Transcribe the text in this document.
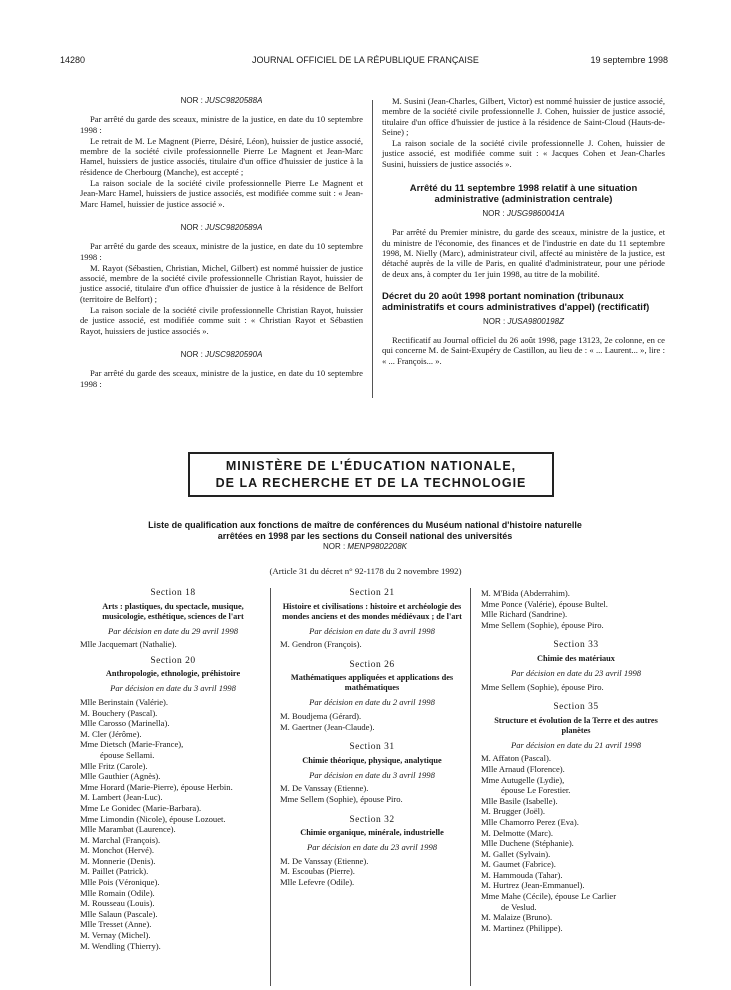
14280	JOURNAL OFFICIEL DE LA RÉPUBLIQUE FRANÇAISE	19 septembre 1998
NOR : JUSC9820588A

Par arrêté du garde des sceaux, ministre de la justice, en date du 10 septembre 1998 :

Le retrait de M. Le Magnent (Pierre, Désiré, Léon), huissier de justice associé, membre de la société civile professionnelle Pierre Le Magnent et Jean-Marc Hamel, huissiers de justice associés, titulaire d'un office d'huissier de justice à la résidence de Cherbourg (Manche), est accepté ;

La raison sociale de la société civile professionnelle Pierre Le Magnent et Jean-Marc Hamel, huissiers de justice associés, est modifiée comme suit : « Jean-Marc Hamel, huissier de justice associé ».

NOR : JUSC9820589A

Par arrêté du garde des sceaux, ministre de la justice, en date du 10 septembre 1998 :

M. Rayot (Sébastien, Christian, Michel, Gilbert) est nommé huissier de justice associé, membre de la société civile professionnelle Christian Rayot, huissier de justice associé, titulaire d'un office d'huissier de justice à la résidence de Belfort (territoire de Belfort) ;

La raison sociale de la société civile professionnelle Christian Rayot, huissier de justice associé, est modifiée comme suit : « Christian Rayot et Sébastien Rayot, huissiers de justice associés ».

NOR : JUSC9820590A

Par arrêté du garde des sceaux, ministre de la justice, en date du 10 septembre 1998 :

M. Susini (Jean-Charles, Gilbert, Victor) est nommé huissier de justice associé, membre de la société civile professionnelle J. Cohen, huissier de justice associé, titulaire d'un office d'huissier de justice à la résidence de Saint-Cloud (Hauts-de-Seine) ;

La raison sociale de la société civile professionnelle J. Cohen, huissier de justice associé, est modifiée comme suit : « Jacques Cohen et Jean-Charles Susini, huissiers de justice associés ».

Arrêté du 11 septembre 1998 relatif à une situation administrative (administration centrale)
NOR : JUSG9860041A

Par arrêté du Premier ministre, du garde des sceaux, ministre de la justice, et du ministre de l'économie, des finances et de l'industrie en date du 11 septembre 1998, M. Nielly (Marc), administrateur civil, affecté au ministère de la justice, est détaché auprès de la ville de Paris, en qualité d'administrateur, pour une période de deux ans, à compter du 1er juin 1998, au titre de la mobilité.

Décret du 20 août 1998 portant nomination (tribunaux administratifs et cours administratives d'appel) (rectificatif)
NOR : JUSA9800198Z

Rectificatif au Journal officiel du 26 août 1998, page 13123, 2e colonne, en ce qui concerne M. de Saint-Exupéry de Castillon, au lieu de : « ... Laurent... », lire : « ... François... ».

MINISTÈRE DE L'ÉDUCATION NATIONALE,
DE LA RECHERCHE ET DE LA TECHNOLOGIE
Liste de qualification aux fonctions de maître de conférences du Muséum national d'histoire naturelle
arrêtées en 1998 par les sections du Conseil national des universités
NOR : MENP9802208K
(Article 31 du décret n° 92-1178 du 2 novembre 1992)
Section 18
Arts : plastiques, du spectacle, musique, musicologie, esthétique, sciences de l'art
Par décision en date du 29 avril 1998
Mlle Jacquemart (Nathalie).
Section 20
Anthropologie, ethnologie, préhistoire
Par décision en date du 3 avril 1998
Mlle Berinstain (Valérie).
M. Bouchery (Pascal).
Mlle Carosso (Marinella).
M. Cler (Jérôme).
Mme Dietsch (Marie-France),
épouse Sellami.
Mlle Fritz (Carole).
Mlle Gauthier (Agnès).
Mme Horard (Marie-Pierre), épouse Herbin.
M. Lambert (Jean-Luc).
Mme Le Gonidec (Marie-Barbara).
Mme Limondin (Nicole), épouse Lozouet.
Mlle Marambat (Laurence).
M. Marchal (François).
M. Monchot (Hervé).
M. Monnerie (Denis).
M. Paillet (Patrick).
Mlle Pois (Véronique).
Mlle Romain (Odile).
M. Rousseau (Louis).
Mlle Salaun (Pascale).
Mlle Tresset (Anne).
M. Vernay (Michel).
M. Wendling (Thierry).
Section 21
Histoire et civilisations : histoire et archéologie des mondes anciens et des mondes médiévaux ; de l'art
Par décision en date du 3 avril 1998
M. Gendron (François).
Section 26
Mathématiques appliquées et applications des mathématiques
Par décision en date du 2 avril 1998
M. Boudjema (Gérard).
M. Gaertner (Jean-Claude).
Section 31
Chimie théorique, physique, analytique
Par décision en date du 3 avril 1998
M. De Vanssay (Etienne).
Mme Sellem (Sophie), épouse Piro.
Section 32
Chimie organique, minérale, industrielle
Par décision en date du 23 avril 1998
M. De Vanssay (Etienne).
M. Escoubas (Pierre).
Mlle Lefevre (Odile).
M. M'Bida (Abderrahim).
Mme Ponce (Valérie), épouse Bultel.
Mlle Richard (Sandrine).
Mme Sellem (Sophie), épouse Piro.
Section 33
Chimie des matériaux
Par décision en date du 23 avril 1998
Mme Sellem (Sophie), épouse Piro.
Section 35
Structure et évolution de la Terre et des autres planètes
Par décision en date du 21 avril 1998
M. Affaton (Pascal).
Mlle Arnaud (Florence).
Mme Autugelle (Lydie),
épouse Le Forestier.
Mlle Basile (Isabelle).
M. Brugger (Joël).
Mlle Chamorro Perez (Eva).
M. Delmotte (Marc).
Mlle Duchene (Stéphanie).
M. Gallet (Sylvain).
M. Gaumet (Fabrice).
M. Hammouda (Tahar).
M. Hurtrez (Jean-Emmanuel).
Mme Mahe (Cécile), épouse Le Carlier
de Veslud.
M. Malaize (Bruno).
M. Martinez (Philippe).
